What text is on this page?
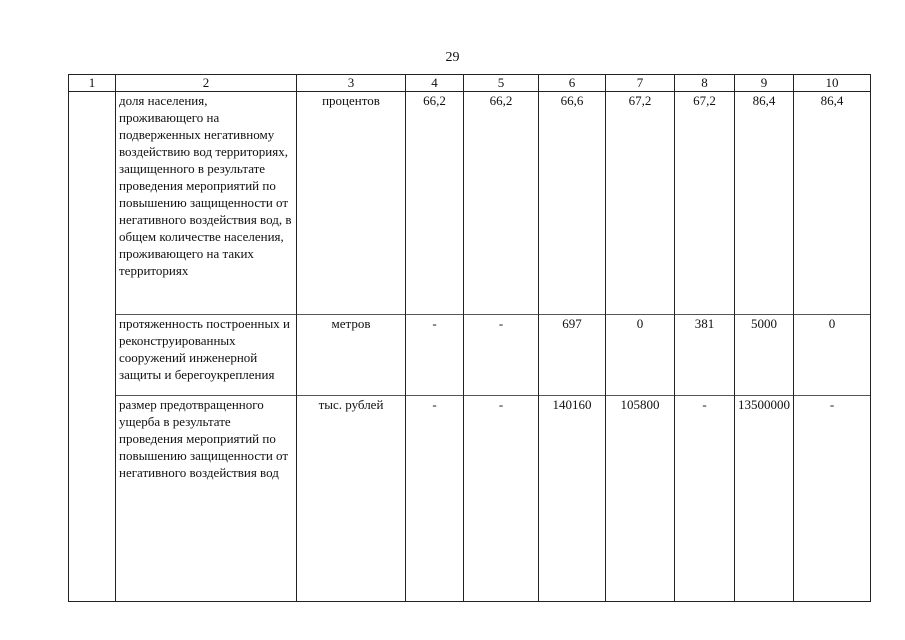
29
1	2	3	4	5	6	7	8	9	10
	доля населения, проживающего на подверженных негативному воздействию вод территориях, защищенного в результате проведения мероприятий по повышению защищенности от негативного воздействия вод, в общем количестве населения, проживающего на таких территориях	процентов	66,2	66,2	66,6	67,2	67,2	86,4	86,4
	протяженность построенных и реконструированных сооружений инженерной защиты и берегоукрепления	метров	-	-	697	0	381	5000	0
	размер предотвращенного ущерба в результате проведения мероприятий по повышению защищенности от негативного воздействия вод	тыс. рублей	-	-	140160	105800	-	13500000	-
